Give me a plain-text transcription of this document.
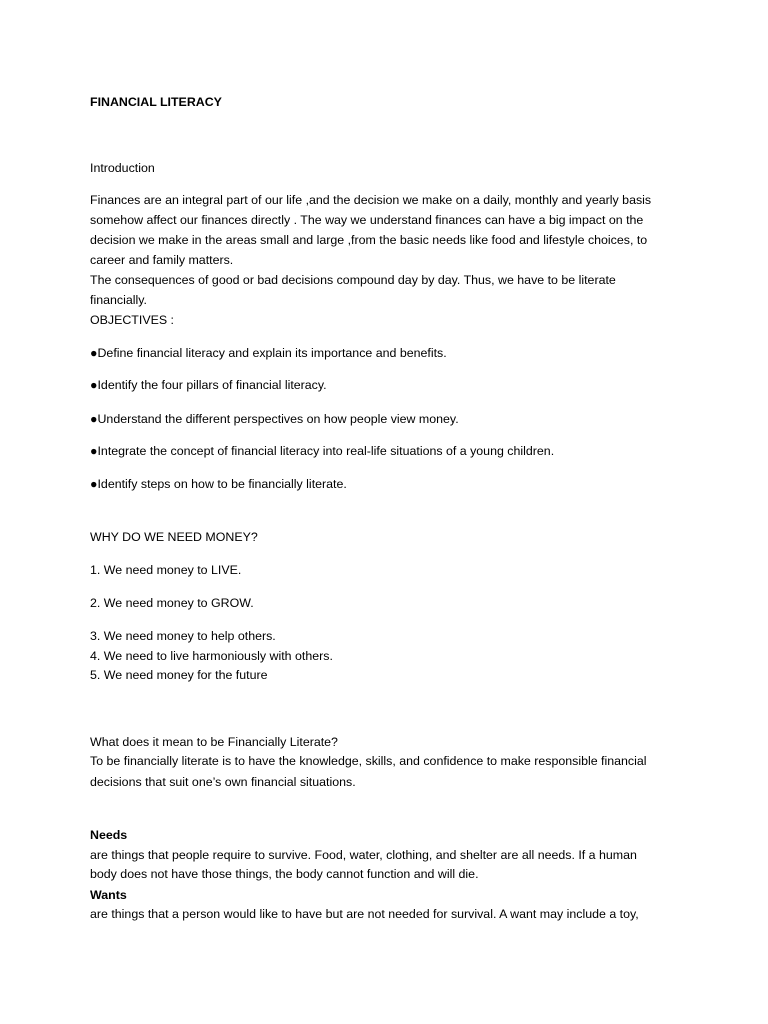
FINANCIAL LITERACY
Introduction
Finances are an integral part of our life ,and the decision we make on a daily, monthly and yearly basis
somehow affect our finances directly . The way we understand finances can have a big impact on the
decision we make in the areas small and large ,from the basic needs like food and lifestyle choices, to
career and family matters.
The consequences of good or bad decisions compound day by day. Thus, we have to be literate
financially.
OBJECTIVES :
●Define financial literacy and explain its importance and benefits.
●Identify the four pillars of financial literacy.
●Understand the different perspectives on how people view money.
●Integrate the concept of financial literacy into real-life situations of a young children.
●Identify steps on how to be financially literate.
WHY DO WE NEED MONEY?
1. We need money to LIVE.
2. We need money to GROW.
3. We need money to help others.
4. We need to live harmoniously with others.
5. We need money for the future
What does it mean to be Financially Literate?
To be financially literate is to have the knowledge, skills, and confidence to make responsible financial
decisions that suit one’s own financial situations.
Needs
are things that people require to survive. Food, water, clothing, and shelter are all needs. If a human
body does not have those things, the body cannot function and will die.
Wants
are things that a person would like to have but are not needed for survival. A want may include a toy,
